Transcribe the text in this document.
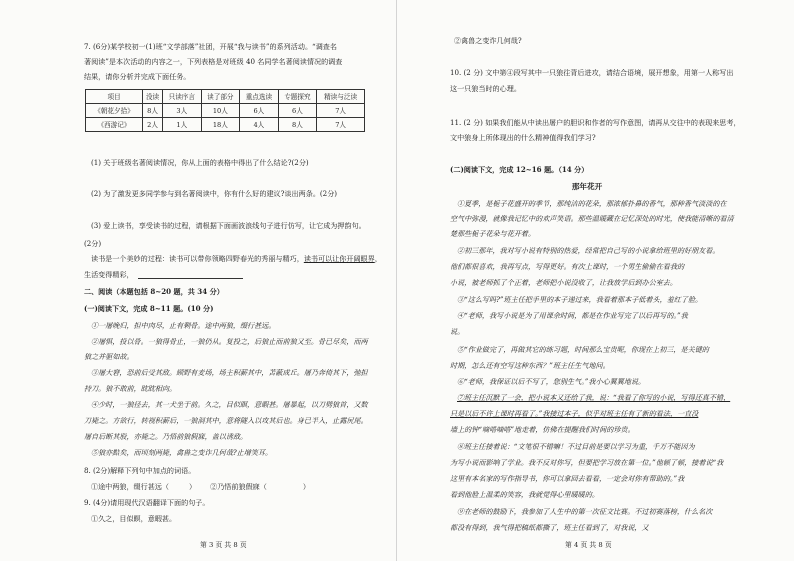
7. (6分)某学校初一(1)班“文学部落”社团，开展“我与读书”的系列活动。“调查名
著阅读”是本次活动的内容之一，下列表格是对班级 40 名同学名著阅读情况的调查
结果，请你分析并完成下面任务。
项目	没读	只读序言	读了部分	重点选读	专题探究	精读与泛读
《朝花夕拾》	8人	3人	10人	6人	6人	7人
《西游记》	2人	1人	18人	4人	8人	7人
(1) 关于班级名著阅读情况，你从上面的表格中得出了什么结论?(2分)
(2) 为了激发更多同学参与到名著阅读中，你有什么好的建议?谈出两条。(2分)
(3) 爱上读书，享受读书的过程，请根据下面画波浪线句子进行仿写，让它成为押韵句。
(2分)
读书是一个美妙的过程：读书可以带你领略四野春光的秀丽与精巧，读书可以让你开阔眼界，
生活变得精彩，
二、阅读（本题包括 8~20 题，共 34 分）
(一)阅读下文，完成 8~11 题。(10 分)
①一屠晚归，担中肉尽，止有剩骨。途中两狼，缀行甚远。
②屠惧，投以骨。一狼得骨止，一狼仍从。复投之，后狼止而前狼又至。骨已尽矣，而两
狼之并驱如故。
③屠大窘，恐前后受其敌。顾野有麦场，场主积薪其中，苫蔽成丘。屠乃奔倚其下，弛担
持刀。狼不敢前，眈眈相向。
④少时，一狼径去，其一犬坐于前。久之，目似瞑，意暇甚。屠暴起，以刀劈狼首，又数
刀毙之。方欲行，转视积薪后，一狼洞其中，意将隧入以攻其后也。身已半入，止露尻尾。
屠自后断其股，亦毙之。乃悟前狼假寐，盖以诱敌。
⑤狼亦黠矣，而顷刻两毙，禽兽之变诈几何哉?止增笑耳。
8. (2分)解释下列句中加点的词语。
①途中两狼，缀行甚远（	） ②乃悟前狼假寐（	）
9. (4分)请用现代汉语翻译下面的句子。
①久之，目似瞑，意暇甚。
第 3 页 共 8 页
②禽兽之变诈几何哉?
10. (2 分) 文中第④段写其中一只狼往背后进攻，请结合语境，展开想象，用第一人称写出
这一只狼当时的心理。
11. (2 分) 如果我们能从中读出屠户的胆识和作者的写作意图，请再从交往中的表现来思考，
文中狼身上所体现出的什么精神值得我们学习?
(二)阅读下文，完成 12~16 题。（14 分）
那年花开
①夏季，是栀子花盛开的季节，那纯洁的花朵，那浓郁扑鼻的香气，那种香气淡淡的在
空气中弥漫，就像我记忆中的欢声笑语。那些温暖藏在记忆深处的时光，使我能清晰的看清
楚那些栀子花朵与花开着。
②初三那年，我对写小说有特别的热爱，经常把自己写的小说拿给班里的好朋友看。
他们都很喜欢，我再写点，写得更好。有次上课时，一个男生偷偷在看我的
小说，被老师抓了个正着，老师把小说没收了，让我放学后到办公室去。
③“这么写吗?”班主任把手里的本子递过来，我看着那本子低着头，羞红了脸。
④“老师，我写小说是为了用课余时间，都是在作业写完了以后再写的。”我
说。
⑤“作业做完了，再做其它的练习题，时间那么宝贵呢，你现在上初三，是关键的
时期，怎么还有空写这种东西？”班主任生气地问。
⑥“老师，我保证以后不写了，您别生气。”我小心翼翼地说。
⑦班主任沉默了一会，把小说本又还给了我，说：“我看了你写的小说，写得还真不错，
只是以后不许上课时再看了。”我接过本子，似乎对班主任有了新的看法，一直没
墙上的钟“嘀嗒嘀嗒”地走着，仿佛在提醒我们时间的珍贵。
⑧班主任接着说：“文笔很不错嘛！不过目前是要以学习为重，千万不能因为
为写小说而影响了学业。我不反对你写，但要把学习放在第一位。”他顿了顿，接着说“我
这里有本名家的写作指导书，你可以拿回去看看，一定会对你有帮助的。”我
看到他脸上温柔的笑容，我就觉得心里暖暖的。
⑨在老师的鼓励下，我参加了人生中的第一次征文比赛。不过初赛落榜，什么名次
都没有得到，我气得把稿纸都撕了，班主任看到了，对我说，又
第 4 页 共 8 页
